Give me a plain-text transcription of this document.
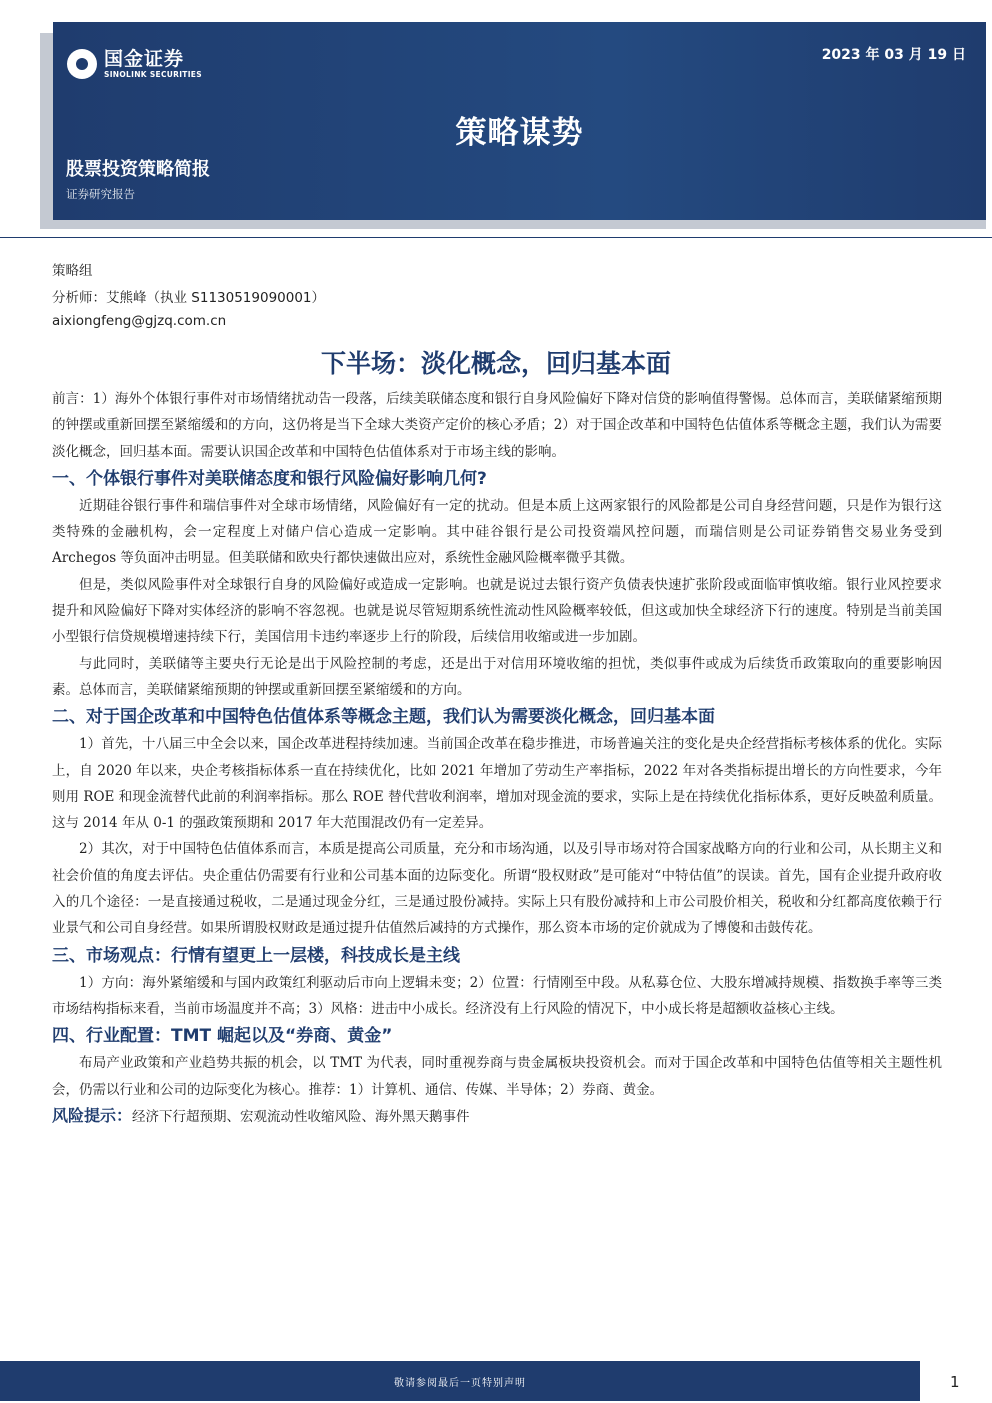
国金证券
SINOLINK SECURITIES
2023 年 03 月 19 日
策略谋势
股票投资策略简报
证券研究报告
策略组
分析师：艾熊峰（执业 S1130519090001）
aixiongfeng@gjzq.com.cn
下半场：淡化概念，回归基本面

前言：1）海外个体银行事件对市场情绪扰动告一段落，后续美联储态度和银行自身风险偏好下降对信贷的影响值得警惕。总体而言，美联储紧缩预期的钟摆或重新回摆至紧缩缓和的方向，这仍将是当下全球大类资产定价的核心矛盾；2）对于国企改革和中国特色估值体系等概念主题，我们认为需要淡化概念，回归基本面。需要认识国企改革和中国特色估值体系对于市场主线的影响。

一、个体银行事件对美联储态度和银行风险偏好影响几何?

近期硅谷银行事件和瑞信事件对全球市场情绪，风险偏好有一定的扰动。但是本质上这两家银行的风险都是公司自身经营问题，只是作为银行这类特殊的金融机构，会一定程度上对储户信心造成一定影响。其中硅谷银行是公司投资端风控问题，而瑞信则是公司证券销售交易业务受到 Archegos 等负面冲击明显。但美联储和欧央行都快速做出应对，系统性金融风险概率微乎其微。

但是，类似风险事件对全球银行自身的风险偏好或造成一定影响。也就是说过去银行资产负债表快速扩张阶段或面临审慎收缩。银行业风控要求提升和风险偏好下降对实体经济的影响不容忽视。也就是说尽管短期系统性流动性风险概率较低，但这或加快全球经济下行的速度。特别是当前美国小型银行信贷规模增速持续下行，美国信用卡违约率逐步上行的阶段，后续信用收缩或进一步加剧。

与此同时，美联储等主要央行无论是出于风险控制的考虑，还是出于对信用环境收缩的担忧，类似事件或成为后续货币政策取向的重要影响因素。总体而言，美联储紧缩预期的钟摆或重新回摆至紧缩缓和的方向。

二、对于国企改革和中国特色估值体系等概念主题，我们认为需要淡化概念，回归基本面

1）首先，十八届三中全会以来，国企改革进程持续加速。当前国企改革在稳步推进，市场普遍关注的变化是央企经营指标考核体系的优化。实际上，自 2020 年以来，央企考核指标体系一直在持续优化，比如 2021 年增加了劳动生产率指标，2022 年对各类指标提出增长的方向性要求，今年则用 ROE 和现金流替代此前的利润率指标。那么 ROE 替代营收利润率，增加对现金流的要求，实际上是在持续优化指标体系，更好反映盈利质量。这与 2014 年从 0-1 的强政策预期和 2017 年大范围混改仍有一定差异。

2）其次，对于中国特色估值体系而言，本质是提高公司质量，充分和市场沟通，以及引导市场对符合国家战略方向的行业和公司，从长期主义和社会价值的角度去评估。央企重估仍需要有行业和公司基本面的边际变化。所谓“股权财政”是可能对“中特估值”的误读。首先，国有企业提升政府收入的几个途径：一是直接通过税收，二是通过现金分红，三是通过股份减持。实际上只有股份减持和上市公司股价相关，税收和分红都高度依赖于行业景气和公司自身经营。如果所谓股权财政是通过提升估值然后减持的方式操作，那么资本市场的定价就成为了博傻和击鼓传花。

三、市场观点：行情有望更上一层楼，科技成长是主线

1）方向：海外紧缩缓和与国内政策红利驱动后市向上逻辑未变；2）位置：行情刚至中段。从私募仓位、大股东增减持规模、指数换手率等三类市场结构指标来看，当前市场温度并不高；3）风格：进击中小成长。经济没有上行风险的情况下，中小成长将是超额收益核心主线。

四、行业配置：TMT 崛起以及“券商、黄金”

布局产业政策和产业趋势共振的机会，以 TMT 为代表，同时重视券商与贵金属板块投资机会。而对于国企改革和中国特色估值等相关主题性机会，仍需以行业和公司的边际变化为核心。推荐：1）计算机、通信、传媒、半导体；2）券商、黄金。

风险提示：经济下行超预期、宏观流动性收缩风险、海外黑天鹅事件

敬请参阅最后一页特别声明	1
